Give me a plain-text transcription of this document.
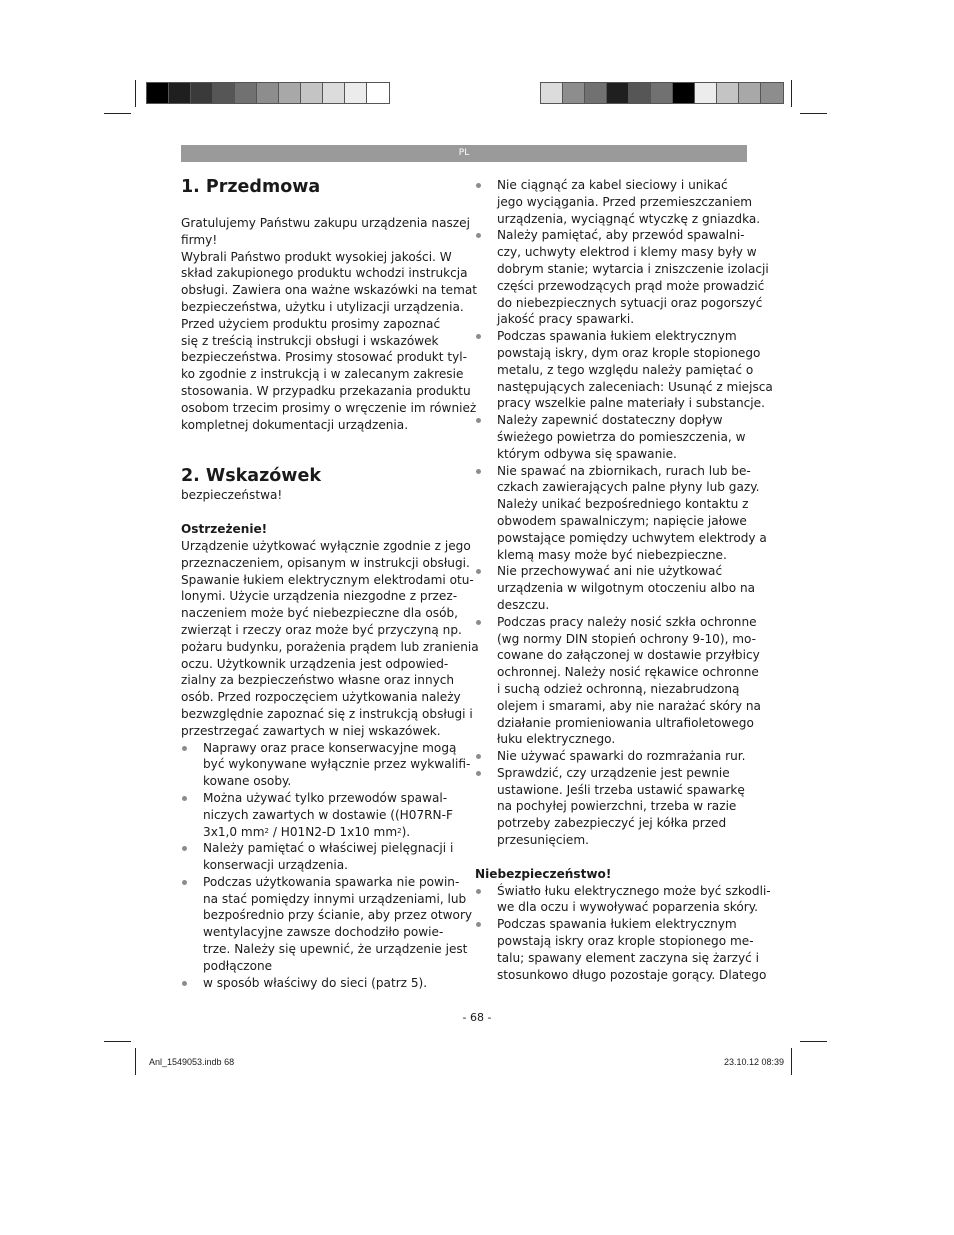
PL
1. Przedmowa

Gratulujemy Państwu zakupu urządzenia naszej
firmy!
Wybrali Państwo produkt wysokiej jakości. W
skład zakupionego produktu wchodzi instrukcja
obsługi. Zawiera ona ważne wskazówki na temat
bezpieczeństwa, użytku i utylizacji urządzenia.
Przed użyciem produktu prosimy zapoznać
się z treścią instrukcji obsługi i wskazówek
bezpieczeństwa. Prosimy stosować produkt tyl-
ko zgodnie z instrukcją i w zalecanym zakresie
stosowania. W przypadku przekazania produktu
osobom trzecim prosimy o wręczenie im również
kompletnej dokumentacji urządzenia.

2. Wskazówek

bezpieczeństwa!

Ostrzeżenie!

Urządzenie użytkować wyłącznie zgodnie z jego
przeznaczeniem, opisanym w instrukcji obsługi.
Spawanie łukiem elektrycznym elektrodami otu-
lonymi. Użycie urządzenia niezgodne z przez-
naczeniem może być niebezpieczne dla osób,
zwierząt i rzeczy oraz może być przyczyną np.
pożaru budynku, porażenia prądem lub zranienia
oczu. Użytkownik urządzenia jest odpowied-
zialny za bezpieczeństwo własne oraz innych
osób. Przed rozpoczęciem użytkowania należy
bezwzględnie zapoznać się z instrukcją obsługi i
przestrzegać zawartych w niej wskazówek.

Naprawy oraz prace konserwacyjne mogą
być wykonywane wyłącznie przez wykwalifi-
kowane osoby.
Można używać tylko przewodów spawal-
niczych zawartych w dostawie ((H07RN-F
3x1,0 $mm^2 / H01N2-D$ 1x10 $mm^2$).
Należy pamiętać o właściwej pielęgnacji i
konserwacji urządzenia.
Podczas użytkowania spawarka nie powin-
na stać pomiędzy innymi urządzeniami, lub
bezpośrednio przy ścianie, aby przez otwory
wentylacyjne zawsze dochodziło powie-
trze. Należy się upewnić, że urządzenie jest
podłączone
w sposób właściwy do sieci (patrz 5).
Nie ciągnąć za kabel sieciowy i unikać
jego wyciągania. Przed przemieszczaniem
urządzenia, wyciągnąć wtyczkę z gniazdka.
Należy pamiętać, aby przewód spawalni-
czy, uchwyty elektrod i klemy masy były w
dobrym stanie; wytarcia i zniszczenie izolacji
części przewodzących prąd może prowadzić
do niebezpiecznych sytuacji oraz pogorszyć
jakość pracy spawarki.
Podczas spawania łukiem elektrycznym
powstają iskry, dym oraz krople stopionego
metalu, z tego względu należy pamiętać o
następujących zaleceniach: Usunąć z miejsca
pracy wszelkie palne materiały i substancje.
Należy zapewnić dostateczny dopływ
świeżego powietrza do pomieszczenia, w
którym odbywa się spawanie.
Nie spawać na zbiornikach, rurach lub be-
czkach zawierających palne płyny lub gazy.
Należy unikać bezpośredniego kontaktu z
obwodem spawalniczym; napięcie jałowe
powstające pomiędzy uchwytem elektrody a
klemą masy może być niebezpieczne.
Nie przechowywać ani nie użytkować
urządzenia w wilgotnym otoczeniu albo na
deszczu.
Podczas pracy należy nosić szkła ochronne
(wg normy DIN stopień ochrony 9-10), mo-
cowane do załączonej w dostawie przyłbicy
ochronnej. Należy nosić rękawice ochronne
i suchą odzież ochronną, niezabrudzoną
olejem i smarami, aby nie narażać skóry na
działanie promieniowania ultrafioletowego
łuku elektrycznego.
Nie używać spawarki do rozmrażania rur.
Sprawdzić, czy urządzenie jest pewnie
ustawione. Jeśli trzeba ustawić spawarkę
na pochyłej powierzchni, trzeba w razie
potrzeby zabezpieczyć jej kółka przed
przesunięciem.

Niebezpieczeństwo!

Światło łuku elektrycznego może być szkodli-
we dla oczu i wywoływać poparzenia skóry.
Podczas spawania łukiem elektrycznym
powstają iskry oraz krople stopionego me-
talu; spawany element zaczyna się żarzyć i
stosunkowo długo pozostaje gorący. Dlatego
- 68 -
Anl_1549053.indb 68	23.10.12 08:39
